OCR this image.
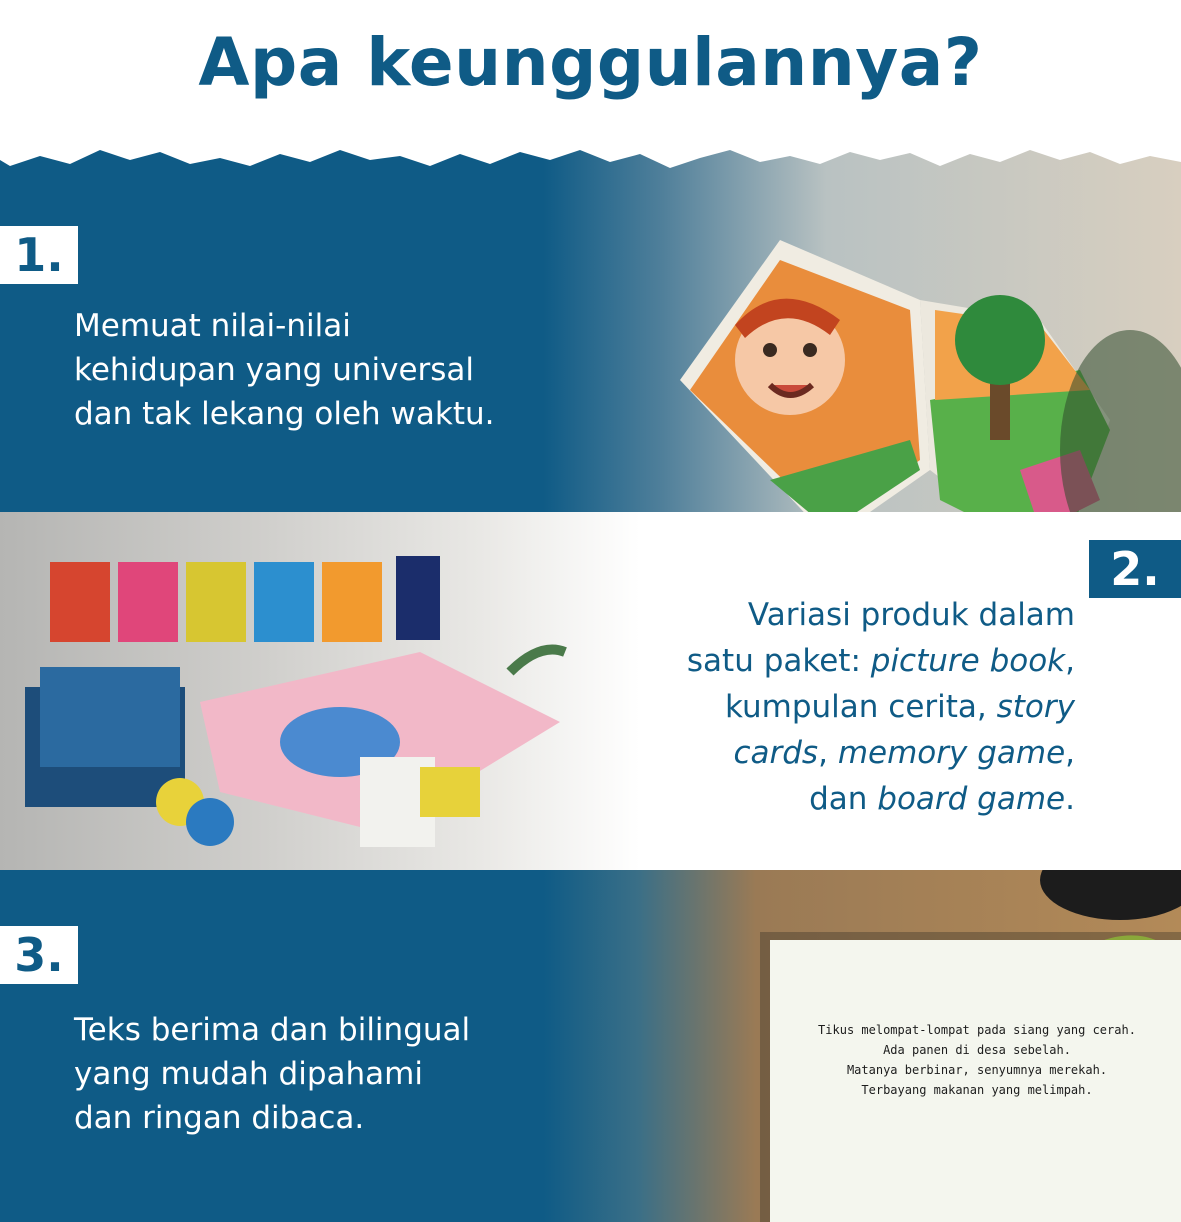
Apa keunggulannya?
1.
Memuat nilai-nilai
kehidupan yang universal
dan tak lekang oleh waktu.
2.
Variasi produk dalam
satu paket: picture book,
kumpulan cerita, story
cards, memory game,
dan board game.
Tikus melompat-lompat pada siang yang cerah.
Ada panen di desa sebelah.
Matanya berbinar, senyumnya merekah.
Terbayang makanan yang melimpah.
3.
Teks berima dan bilingual
yang mudah dipahami
dan ringan dibaca.
